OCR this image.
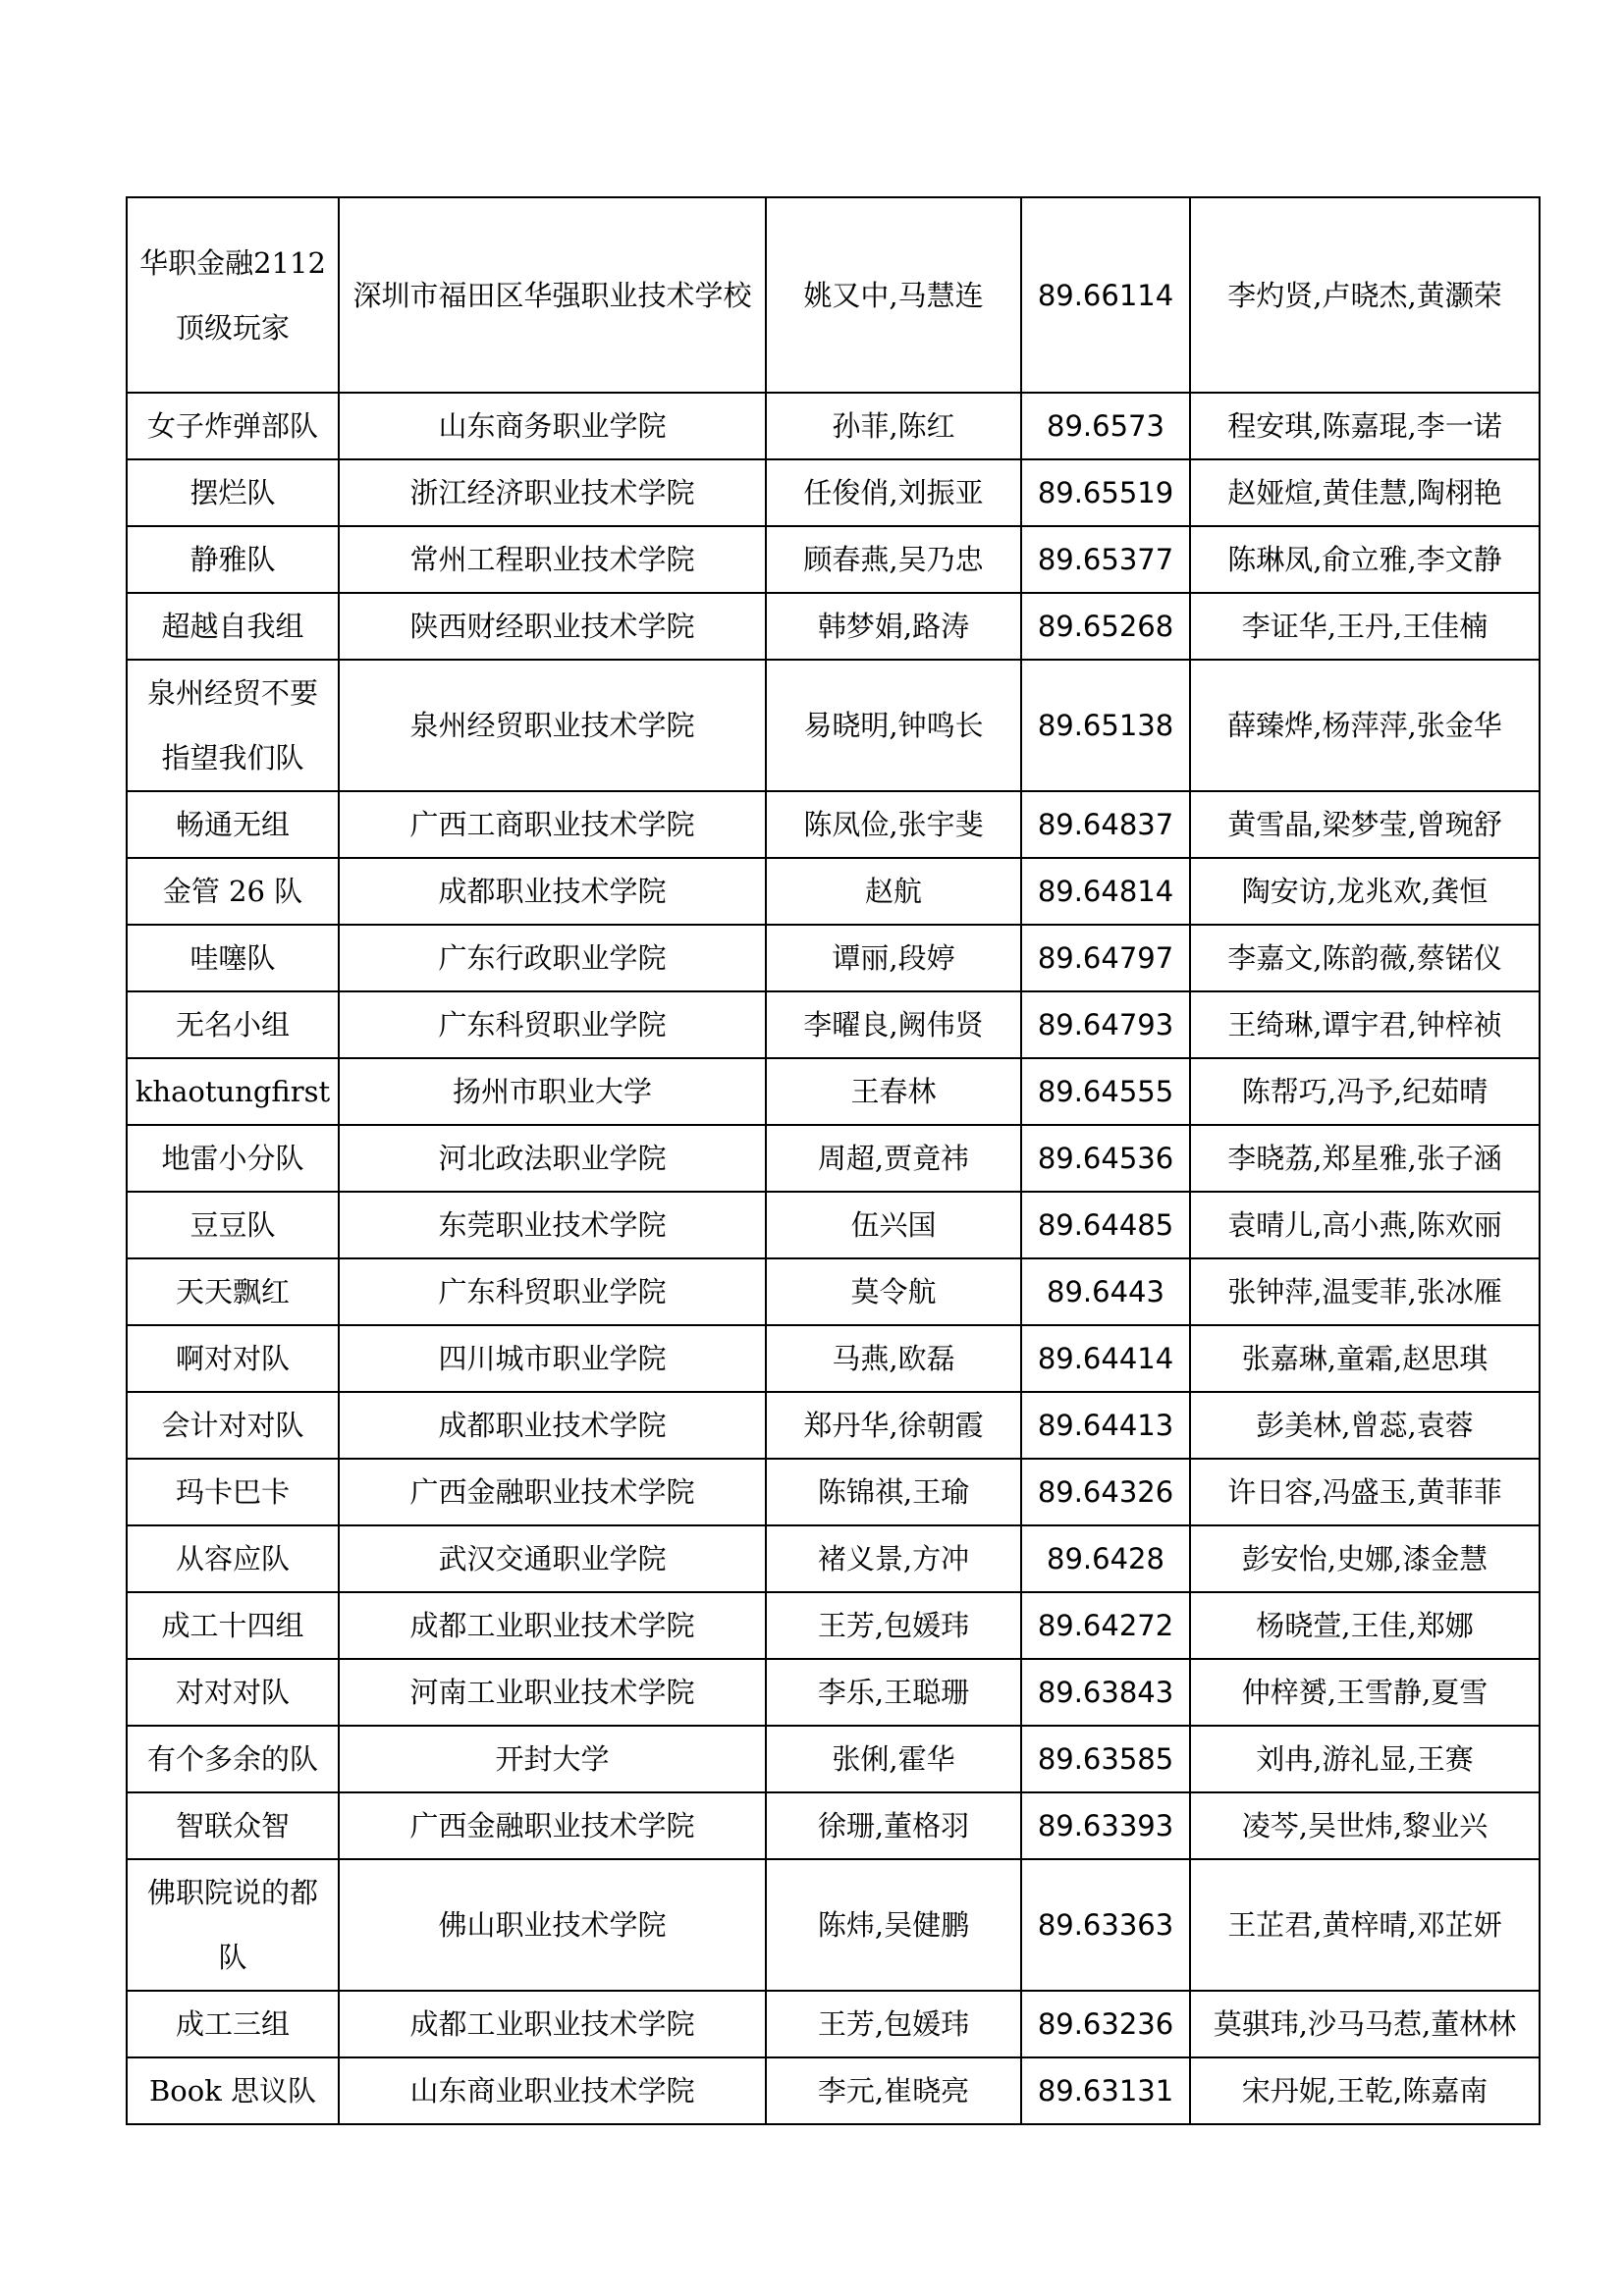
华职金融2112 顶级玩家	深圳市福田区华强职业技术学校	姚又中,马慧连	89.66114	李灼贤,卢晓杰,黄灏荣
女子炸弹部队	山东商务职业学院	孙菲,陈红	89.6573	程安琪,陈嘉琨,李一诺
摆烂队	浙江经济职业技术学院	任俊俏,刘振亚	89.65519	赵娅煊,黄佳慧,陶栩艳
静雅队	常州工程职业技术学院	顾春燕,吴乃忠	89.65377	陈琳凤,俞立雅,李文静
超越自我组	陕西财经职业技术学院	韩梦娟,路涛	89.65268	李证华,王丹,王佳楠
泉州经贸不要指望我们队	泉州经贸职业技术学院	易晓明,钟鸣长	89.65138	薛臻烨,杨萍萍,张金华
畅通无组	广西工商职业技术学院	陈凤俭,张宇斐	89.64837	黄雪晶,梁梦莹,曾琬舒
金管 26 队	成都职业技术学院	赵航	89.64814	陶安访,龙兆欢,龚恒
哇噻队	广东行政职业学院	谭丽,段婷	89.64797	李嘉文,陈韵薇,蔡锘仪
无名小组	广东科贸职业学院	李曜良,阙伟贤	89.64793	王绮琳,谭宇君,钟梓祯
khaotungfirst	扬州市职业大学	王春林	89.64555	陈帮巧,冯予,纪茹晴
地雷小分队	河北政法职业学院	周超,贾竟祎	89.64536	李晓荔,郑星雅,张子涵
豆豆队	东莞职业技术学院	伍兴国	89.64485	袁晴儿,高小燕,陈欢丽
天天飘红	广东科贸职业学院	莫令航	89.6443	张钟萍,温雯菲,张冰雁
啊对对队	四川城市职业学院	马燕,欧磊	89.64414	张嘉琳,童霜,赵思琪
会计对对队	成都职业技术学院	郑丹华,徐朝霞	89.64413	彭美林,曾蕊,袁蓉
玛卡巴卡	广西金融职业技术学院	陈锦祺,王瑜	89.64326	许日容,冯盛玉,黄菲菲
从容应队	武汉交通职业学院	褚义景,方冲	89.6428	彭安怡,史娜,漆金慧
成工十四组	成都工业职业技术学院	王芳,包媛玮	89.64272	杨晓萱,王佳,郑娜
对对对队	河南工业职业技术学院	李乐,王聪珊	89.63843	仲梓赟,王雪静,夏雪
有个多余的队	开封大学	张俐,霍华	89.63585	刘冉,游礼显,王赛
智联众智	广西金融职业技术学院	徐珊,董格羽	89.63393	凌芩,吴世炜,黎业兴
佛职院说的都队	佛山职业技术学院	陈炜,吴健鹏	89.63363	王芷君,黄梓晴,邓芷妍
成工三组	成都工业职业技术学院	王芳,包媛玮	89.63236	莫骐玮,沙马马惹,董林林
Book 思议队	山东商业职业技术学院	李元,崔晓亮	89.63131	宋丹妮,王乾,陈嘉南
